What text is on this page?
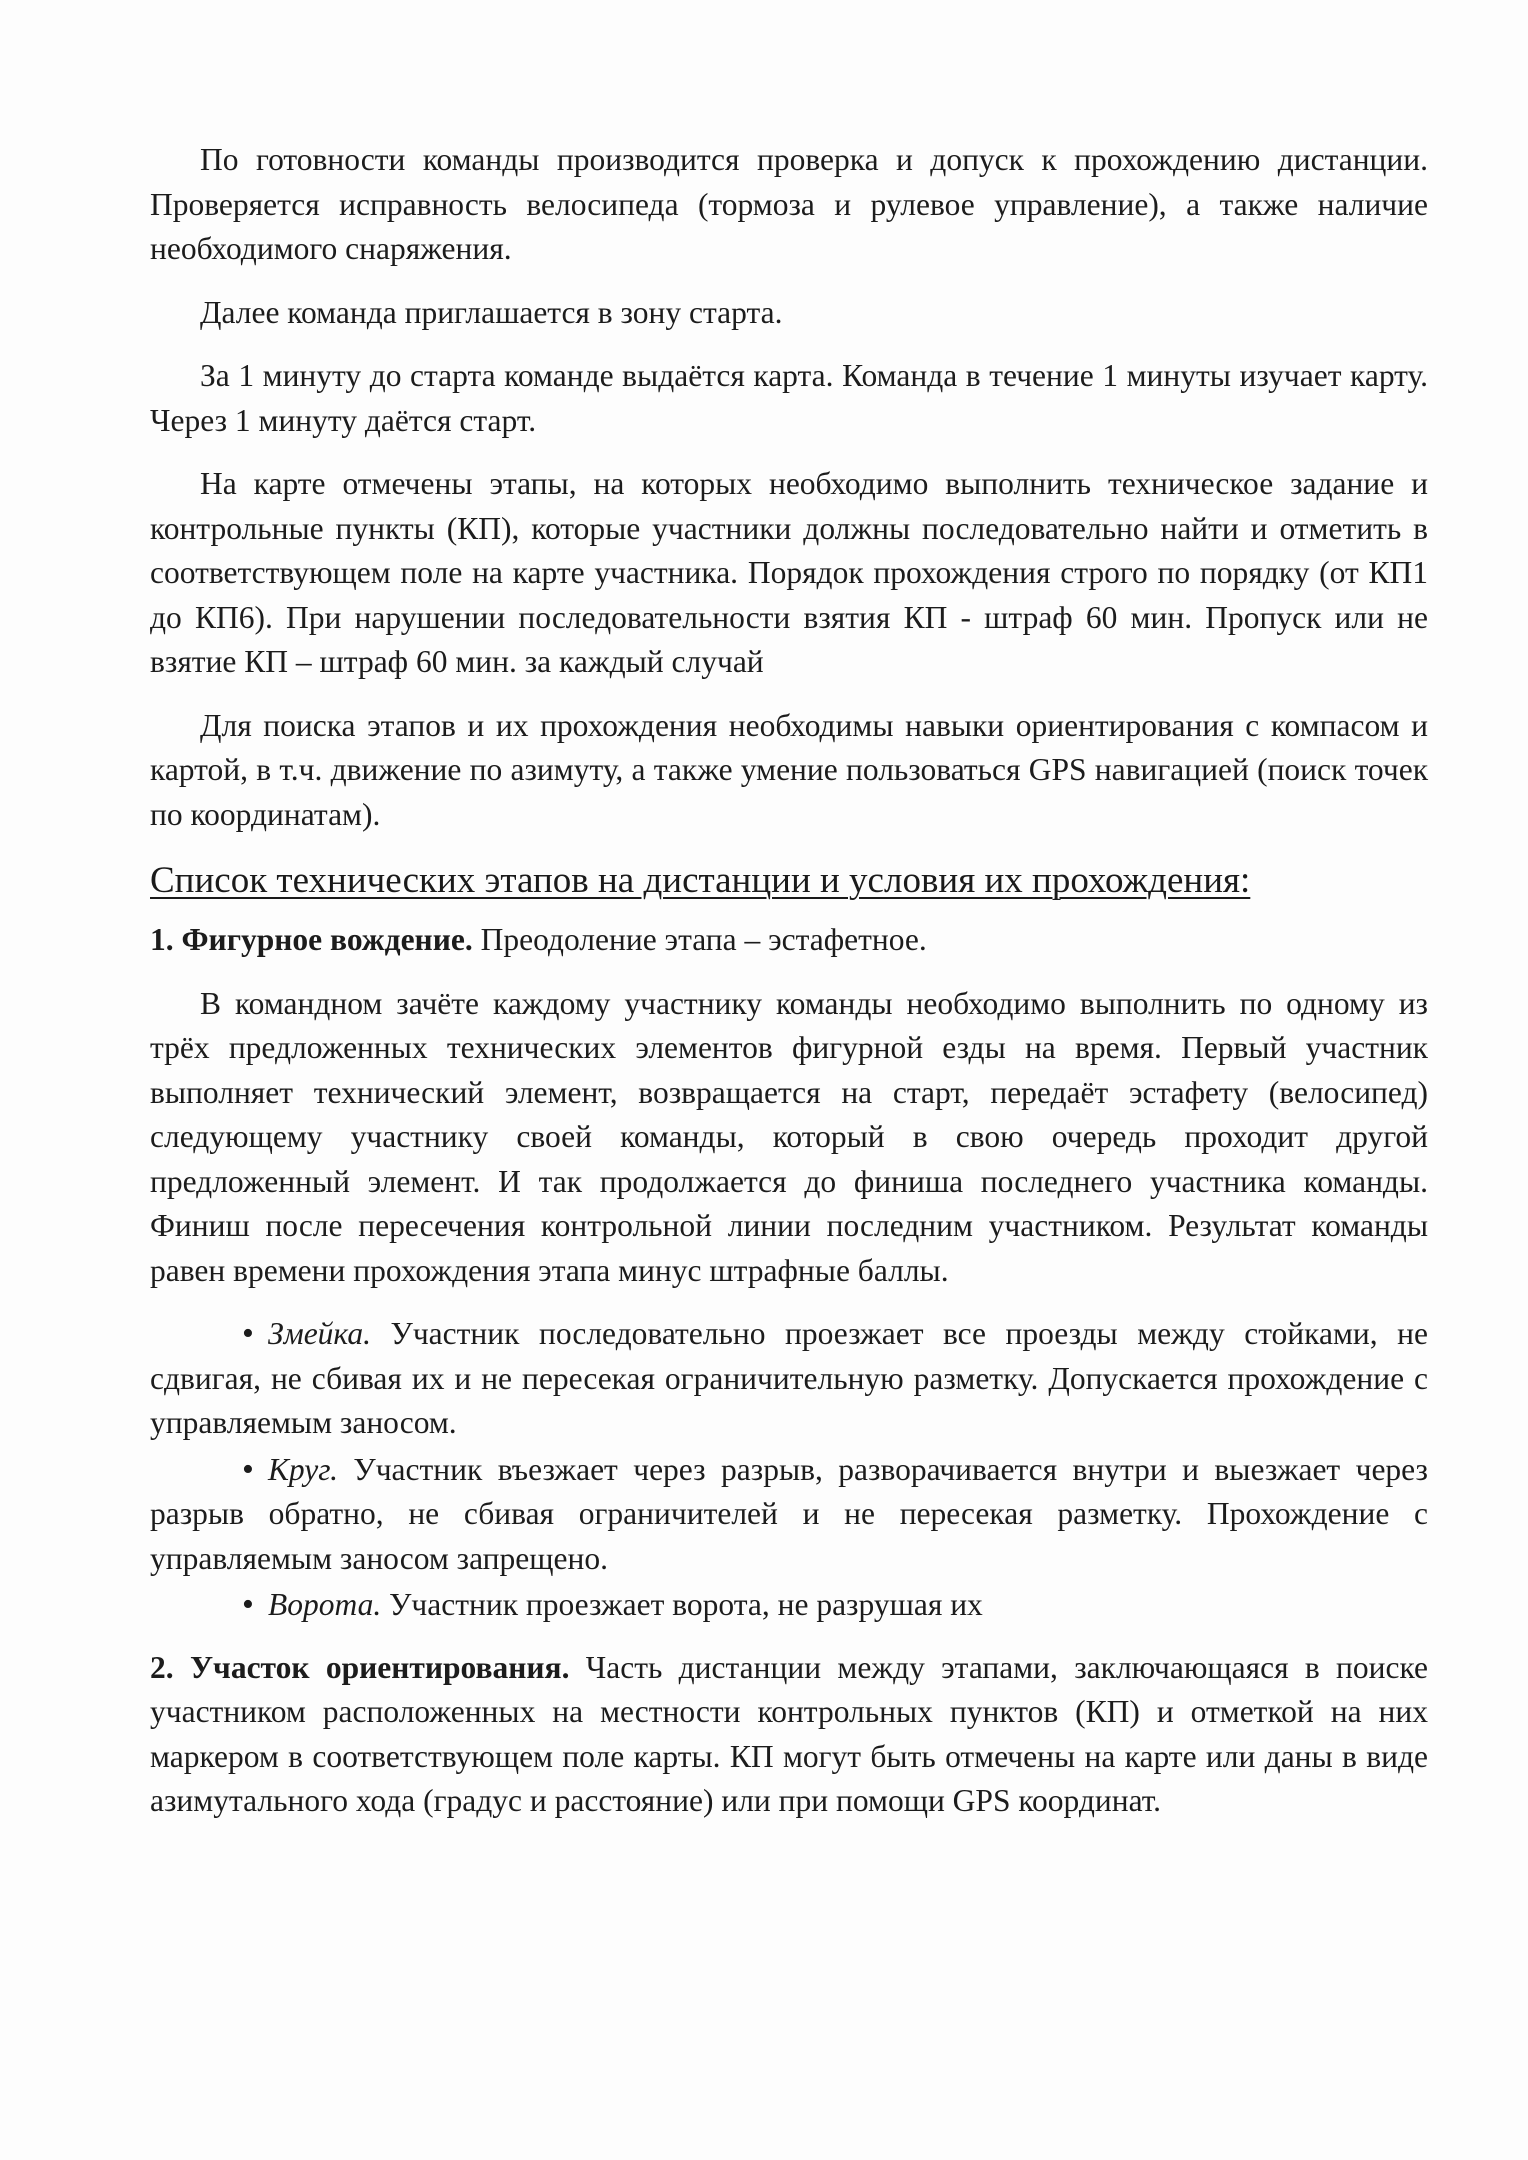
По готовности команды производится проверка и допуск к прохождению дистанции. Проверяется исправность велосипеда (тормоза и рулевое управление), а также наличие необходимого снаряжения.

Далее команда приглашается в зону старта.

За 1 минуту до старта команде выдаётся карта. Команда в течение 1 минуты изучает карту. Через 1 минуту даётся старт.

На карте отмечены этапы, на которых необходимо выполнить техническое задание и контрольные пункты (КП), которые участники должны последовательно найти и отметить в соответствующем поле на карте участника. Порядок прохождения строго по порядку (от КП1 до КП6). При нарушении последовательности взятия КП - штраф 60 мин. Пропуск или не взятие КП – штраф 60 мин. за каждый случай

Для поиска этапов и их прохождения необходимы навыки ориентирования с компасом и картой, в т.ч. движение по азимуту, а также умение пользоваться GPS навигацией (поиск точек по координатам).

Список технических этапов на дистанции и условия их прохождения:

1. Фигурное вождение. Преодоление этапа – эстафетное.

В командном зачёте каждому участнику команды необходимо выполнить по одному из трёх предложенных технических элементов фигурной езды на время. Первый участник выполняет технический элемент, возвращается на старт, передаёт эстафету (велосипед) следующему участнику своей команды, который в свою очередь проходит другой предложенный элемент. И так продолжается до финиша последнего участника команды. Финиш после пересечения контрольной линии последним участником. Результат команды равен времени прохождения этапа минус штрафные баллы.

•Змейка. Участник последовательно проезжает все проезды между стойками, не сдвигая, не сбивая их и не пересекая ограничительную разметку. Допускается прохождение с управляемым заносом.
•Круг. Участник въезжает через разрыв, разворачивается внутри и выезжает через разрыв обратно, не сбивая ограничителей и не пересекая разметку. Прохождение с управляемым заносом запрещено.
•Ворота. Участник проезжает ворота, не разрушая их

2. Участок ориентирования. Часть дистанции между этапами, заключающаяся в поиске участником расположенных на местности контрольных пунктов (КП) и отметкой на них маркером в соответствующем поле карты. КП могут быть отмечены на карте или даны в виде азимутального хода (градус и расстояние) или при помощи GPS координат.
